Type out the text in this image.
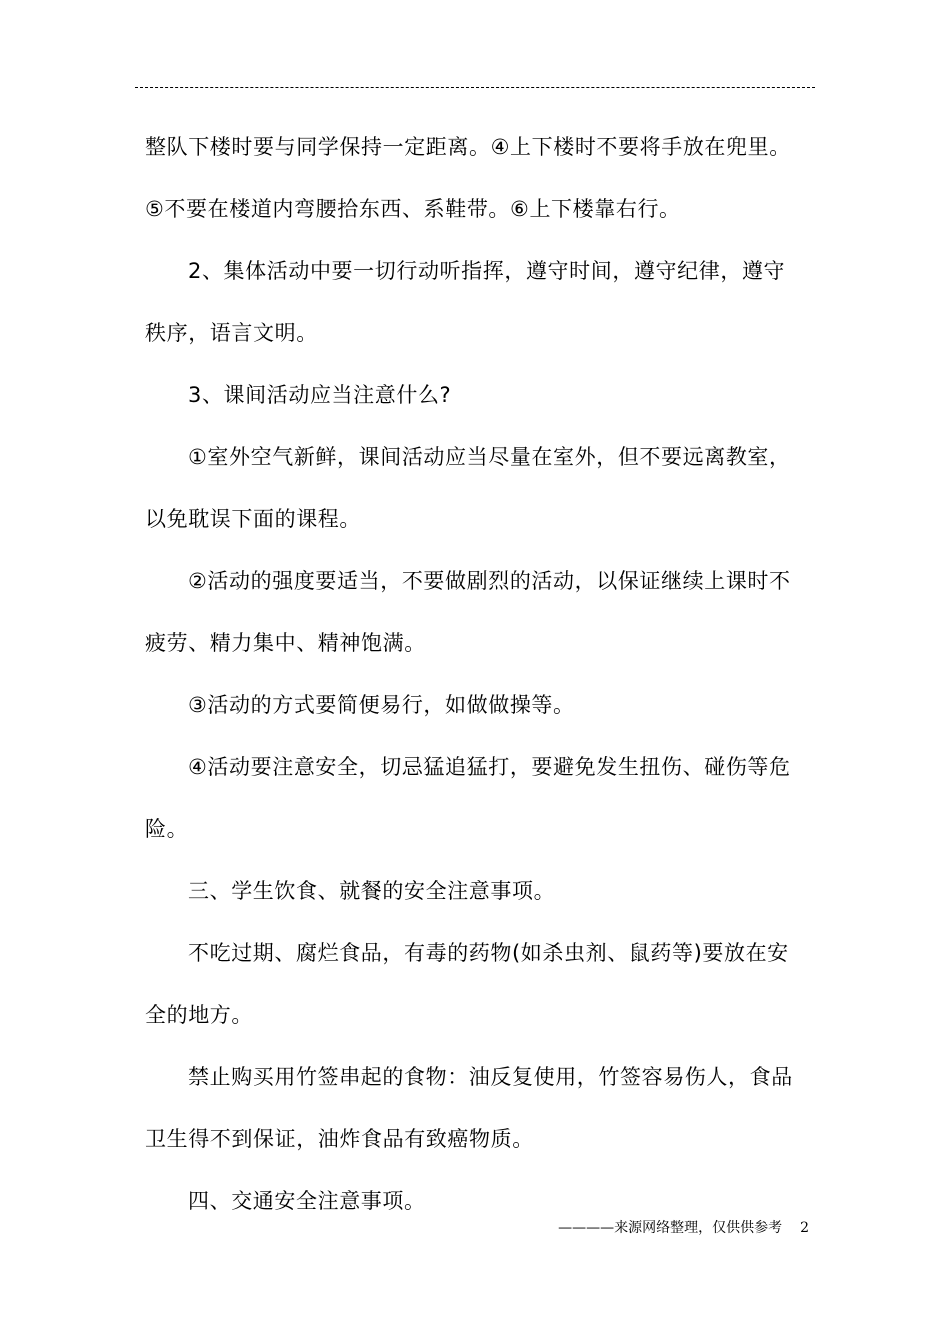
整队下楼时要与同学保持一定距离。④上下楼时不要将手放在兜里。
⑤不要在楼道内弯腰拾东西、系鞋带。⑥上下楼靠右行。
2、集体活动中要一切行动听指挥，遵守时间，遵守纪律，遵守
秩序，语言文明。
3、课间活动应当注意什么?
①室外空气新鲜，课间活动应当尽量在室外，但不要远离教室，
以免耽误下面的课程。
②活动的强度要适当，不要做剧烈的活动，以保证继续上课时不
疲劳、精力集中、精神饱满。
③活动的方式要简便易行，如做做操等。
④活动要注意安全，切忌猛追猛打，要避免发生扭伤、碰伤等危
险。
三、学生饮食、就餐的安全注意事项。
不吃过期、腐烂食品，有毒的药物(如杀虫剂、鼠药等)要放在安
全的地方。
禁止购买用竹签串起的食物：油反复使用，竹签容易伤人，食品
卫生得不到保证，油炸食品有致癌物质。
四、交通安全注意事项。
————来源网络整理，仅供供参考 2
